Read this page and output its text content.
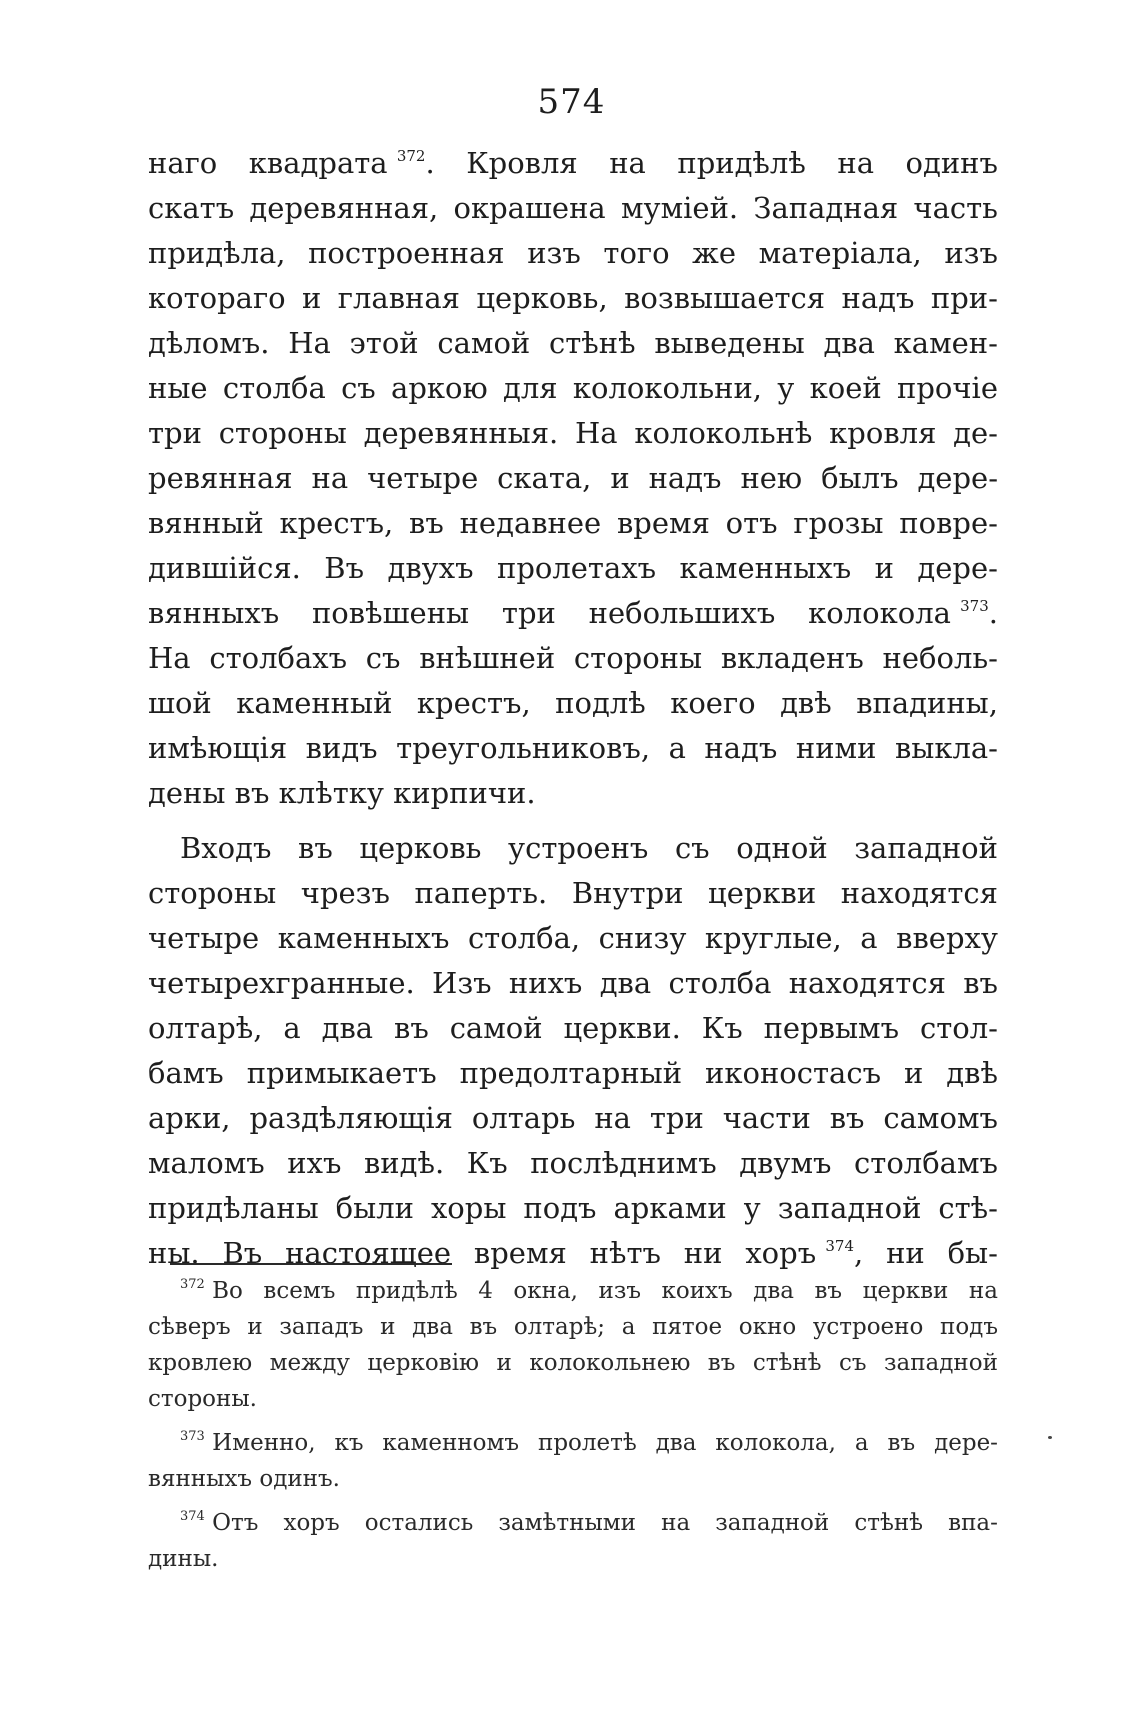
574
наго квадрата $^{372}$. Кровля на придѣлѣ на одинъ
скатъ деревянная, окрашена муміей. Западная часть
придѣла, построенная изъ того же матеріала, изъ
котораго и главная церковь, возвышается надъ при-
дѣломъ. На этой самой стѣнѣ выведены два камен-
ные столба съ аркою для колокольни, у коей прочіе
три стороны деревянныя. На колокольнѣ кровля де-
ревянная на четыре ската, и надъ нею былъ дере-
вянный крестъ, въ недавнее время отъ грозы повре-
дившійся. Въ двухъ пролетахъ каменныхъ и дере-
вянныхъ повѣшены три небольшихъ колокола $^{373}$.
На столбахъ съ внѣшней стороны вкладенъ неболь-
шой каменный крестъ, подлѣ коего двѣ впадины,
имѣющія видъ треугольниковъ, а надъ ними выкла-
дены
въ
клѣтку
кирпичи.
Входъ въ церковь устроенъ съ одной западной
стороны чрезъ паперть. Внутри церкви находятся
четыре каменныхъ столба, снизу круглые, а вверху
четырехгранные. Изъ нихъ два столба находятся въ
олтарѣ, а два въ самой церкви. Къ первымъ стол-
бамъ примыкаетъ предолтарный иконостасъ и двѣ
арки, раздѣляющія олтарь на три части въ самомъ
маломъ ихъ видѣ. Къ послѣднимъ двумъ столбамъ
придѣланы были хоры подъ арками у западной стѣ-
ны. Въ настоящее время нѣтъ ни хоръ $^{374}$, ни бы-
$^{372}$ Во всемъ придѣлѣ 4 окна, изъ коихъ два въ церкви на
сѣверъ и западъ и два въ олтарѣ; а пятое окно устроено подъ
кровлею между церковію и колокольнею въ стѣнѣ съ западной
стороны.
$^{373}$ Именно, къ каменномъ пролетѣ два колокола, а въ дере-
вянныхъ
одинъ.
$^{374}$ Отъ хоръ остались замѣтными на западной стѣнѣ впа-
дины.
